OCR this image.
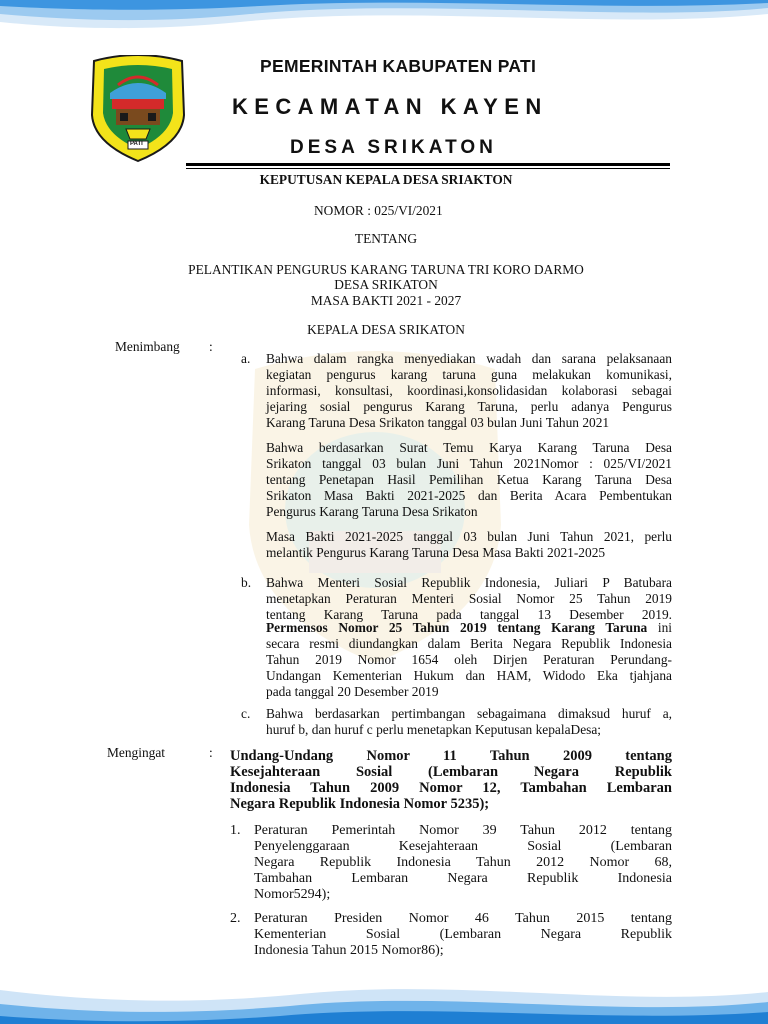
PATI
PEMERINTAH KABUPATEN PATI
KECAMATAN KAYEN
DESA SRIKATON
KEPUTUSAN KEPALA DESA SRIAKTON
NOMOR : 025/VI/2021
TENTANG
PELANTIKAN PENGURUS KARANG TARUNA TRI KORO DARMO
DESA SRIKATON
MASA BAKTI 2021 - 2027
KEPALA DESA SRIKATON
Menimbang :
a. Bahwa dalam rangka menyediakan wadah dan sarana pelaksanaan
kegiatan pengurus karang taruna guna melakukan komunikasi,
informasi, konsultasi, koordinasi,konsolidasidan kolaborasi sebagai
jejaring sosial pengurus Karang Taruna, perlu adanya Pengurus
Karang Taruna Desa Srikaton tanggal 03 bulan Juni Tahun 2021
Bahwa berdasarkan Surat Temu Karya Karang Taruna Desa
Srikaton tanggal 03 bulan Juni Tahun 2021Nomor : 025/VI/2021
tentang Penetapan Hasil Pemilihan Ketua Karang Taruna Desa
Srikaton Masa Bakti 2021-2025 dan Berita Acara Pembentukan
Pengurus Karang Taruna Desa Srikaton
Masa Bakti 2021-2025 tanggal 03 bulan Juni Tahun 2021, perlu
melantik Pengurus Karang Taruna Desa Masa Bakti 2021-2025
b. Bahwa Menteri Sosial Republik Indonesia, Juliari P Batubara
menetapkan Peraturan Menteri Sosial Nomor 25 Tahun 2019
tentang Karang Taruna pada tanggal 13 Desember 2019.
Permensos Nomor 25 Tahun 2019 tentang Karang Taruna ini
secara resmi diundangkan dalam Berita Negara Republik Indonesia
Tahun 2019 Nomor 1654 oleh Dirjen Peraturan Perundang-
Undangan Kementerian Hukum dan HAM, Widodo Eka tjahjana
pada tanggal 20 Desember 2019
c. Bahwa berdasarkan pertimbangan sebagaimana dimaksud huruf a,
huruf b, dan huruf c perlu menetapkan Keputusan kepalaDesa;
Mengingat	: Undang-Undang Nomor 11 Tahun 2009 tentang
Kesejahteraan Sosial (Lembaran Negara Republik
Indonesia Tahun 2009 Nomor 12, Tambahan Lembaran
Negara Republik Indonesia Nomor 5235);
1. Peraturan Pemerintah Nomor 39 Tahun 2012 tentang
Penyelenggaraan Kesejahteraan Sosial (Lembaran
Negara Republik Indonesia Tahun 2012 Nomor 68,
Tambahan Lembaran Negara Republik Indonesia
Nomor5294);
2. Peraturan Presiden Nomor 46 Tahun 2015 tentang
Kementerian Sosial (Lembaran Negara Republik
Indonesia Tahun 2015 Nomor86);
